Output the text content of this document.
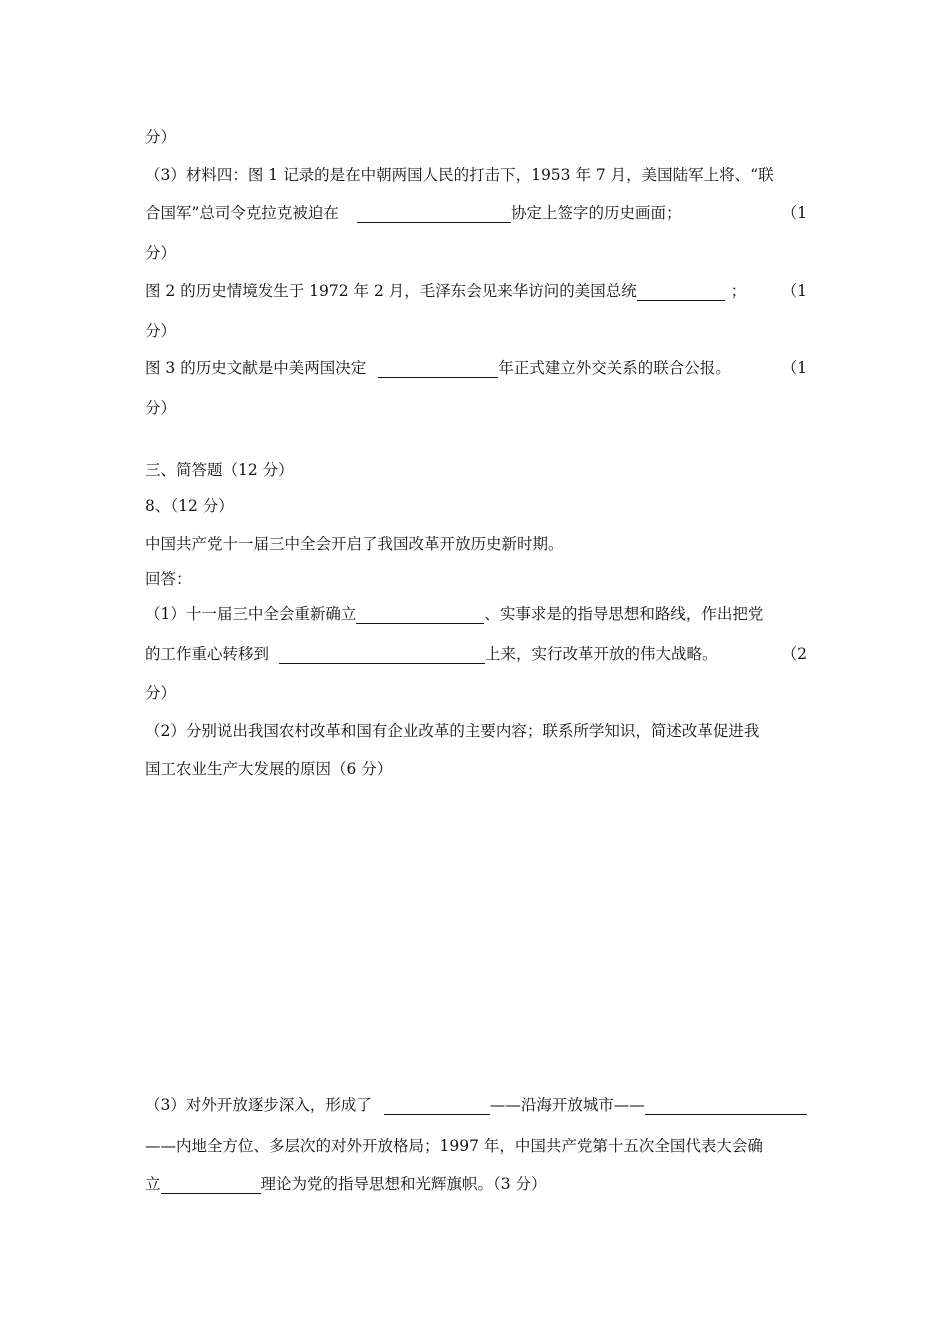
分）
（3）材料四：图 1 记录的是在中朝两国人民的打击下，1953 年 7 月，美国陆军上将、“联
合国军”总司令克拉克被迫在	协定上签字的历史画面；	（1
分）
图 2 的历史情境发生于 1972 年 2 月，毛泽东会见来华访问的美国总统	； （1
分）
图 3 的历史文献是中美两国决定	年正式建立外交关系的联合公报。	（1
分）
三、简答题（12 分）
8、（12 分）
中国共产党十一届三中全会开启了我国改革开放历史新时期。
回答：
（1）十一届三中全会重新确立	、实事求是的指导思想和路线，作出把党
的工作重心转移到	上来，实行改革开放的伟大战略。	（2
分）
（2）分别说出我国农村改革和国有企业改革的主要内容；联系所学知识，简述改革促进我
国工农业生产大发展的原因（6 分）
（3）对外开放逐步深入，形成了	——沿海开放城市——
——内地全方位、多层次的对外开放格局；1997 年，中国共产党第十五次全国代表大会确
立	理论为党的指导思想和光辉旗帜。（3 分）
